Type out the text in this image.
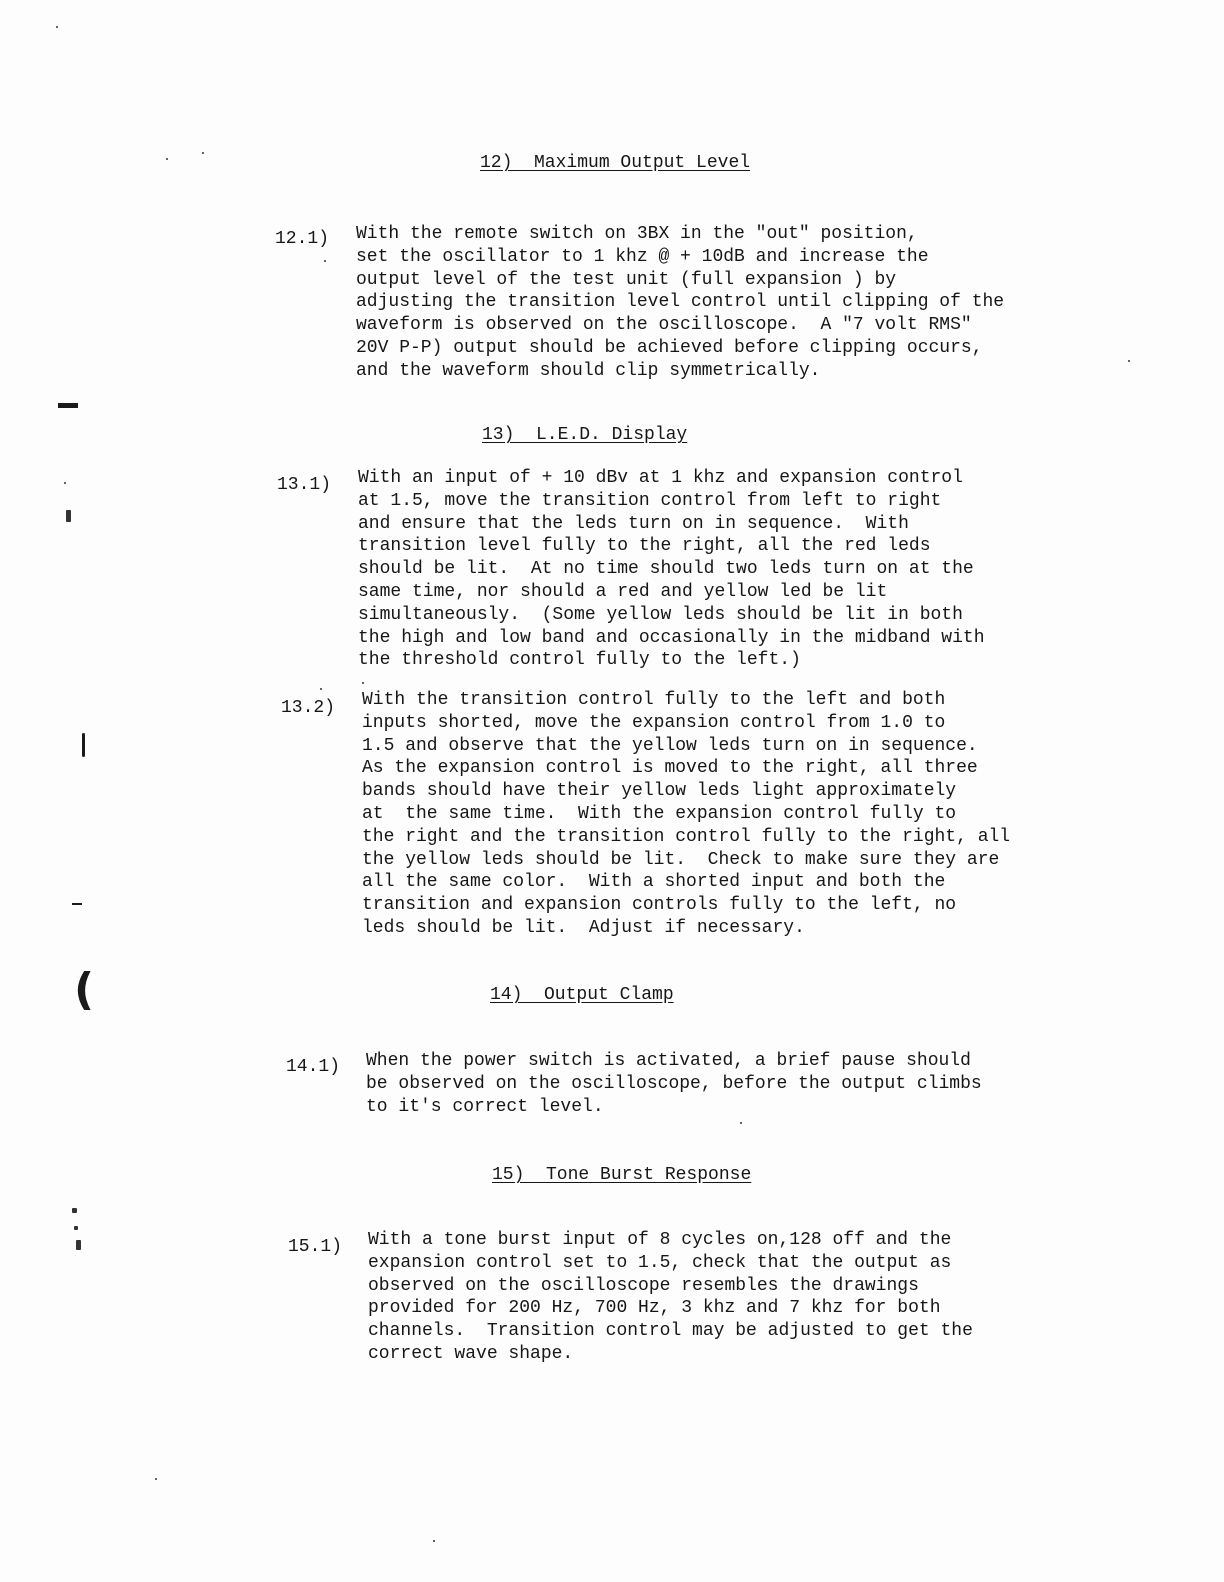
12)  Maximum Output Level
12.1) With the remote switch on 3BX in the "out" position,
set the oscillator to 1 khz @ + 10dB and increase the
output level of the test unit (full expansion ) by
adjusting the transition level control until clipping of the
waveform is observed on the oscilloscope.  A "7 volt RMS"
20V P-P) output should be achieved before clipping occurs,
and the waveform should clip symmetrically.
13)  L.E.D. Display
13.1) With an input of + 10 dBv at 1 khz and expansion control
at 1.5, move the transition control from left to right
and ensure that the leds turn on in sequence.  With
transition level fully to the right, all the red leds
should be lit.  At no time should two leds turn on at the
same time, nor should a red and yellow led be lit
simultaneously.  (Some yellow leds should be lit in both
the high and low band and occasionally in the midband with
the threshold control fully to the left.)
13.2) With the transition control fully to the left and both
inputs shorted, move the expansion control from 1.0 to
1.5 and observe that the yellow leds turn on in sequence.
As the expansion control is moved to the right, all three
bands should have their yellow leds light approximately
at  the same time.  With the expansion control fully to
the right and the transition control fully to the right, all
the yellow leds should be lit.  Check to make sure they are
all the same color.  With a shorted input and both the
transition and expansion controls fully to the left, no
leds should be lit.  Adjust if necessary.
14)  Output Clamp
14.1) When the power switch is activated, a brief pause should
be observed on the oscilloscope, before the output climbs
to it's correct level.
15)  Tone Burst Response
15.1) With a tone burst input of 8 cycles on,128 off and the
expansion control set to 1.5, check that the output as
observed on the oscilloscope resembles the drawings
provided for 200 Hz, 700 Hz, 3 khz and 7 khz for both
channels.  Transition control may be adjusted to get the
correct wave shape.
(
